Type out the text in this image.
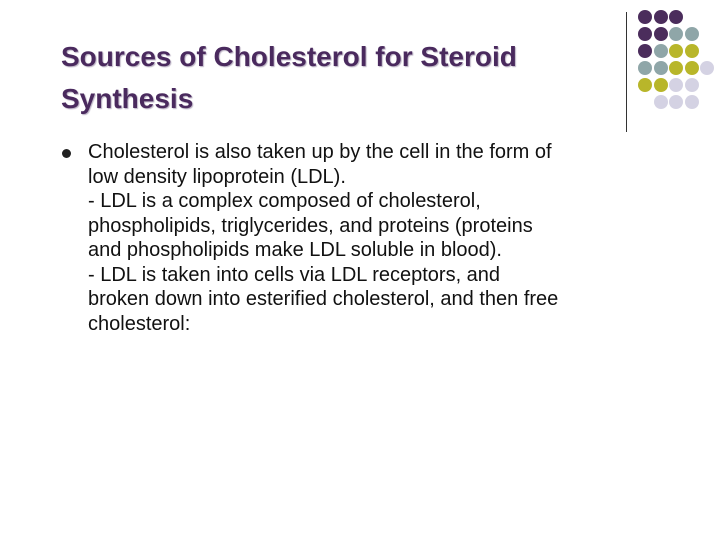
Sources of Cholesterol for Steroid
Synthesis
Cholesterol is also taken up by the cell in the form of
low density lipoprotein (LDL).
- LDL is a complex composed of cholesterol,
phospholipids, triglycerides, and proteins (proteins
and phospholipids make LDL soluble in blood).
- LDL is taken into cells via LDL receptors, and
broken down into esterified cholesterol, and then free
cholesterol:
